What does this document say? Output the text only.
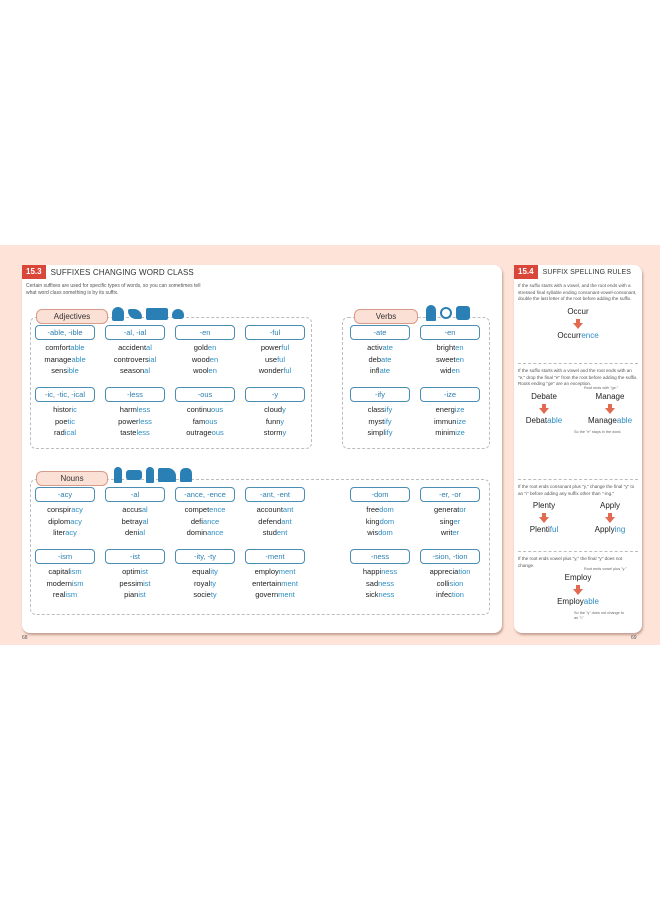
15.3	SUFFIXES CHANGING WORD CLASS
Certain suffixes are used for specific types of words, so you can sometimes tell what word class something is by its suffix.
Adjectives
-able, -ible
comfortable
manageable
sensible
-al, -ial
accidental
controversial
seasonal
-en
golden
wooden
woolen
-ful
powerful
useful
wonderful
-ic, -tic, -ical
historic
poetic
radical
-less
harmless
powerless
tasteless
-ous
continuous
famous
outrageous
-y
cloudy
funny
stormy
Verbs
-ate
activate
debate
inflate
-en
brighten
sweeten
widen
-ify
classify
mystify
simplify
-ize
energize
immunize
minimize
Nouns
-acy
conspiracy
diplomacy
literacy
-al
accusal
betrayal
denial
-ance, -ence
competence
defiance
dominance
-ant, -ent
accountant
defendant
student
-dom
freedom
kingdom
wisdom
-er, -or
generator
singer
writer
-ism
capitalism
modernism
realism
-ist
optimist
pessimist
pianist
-ity, -ty
equality
royalty
society
-ment
employment
entertainment
government
-ness
happiness
sadness
sickness
-sion, -tion
appreciation
collision
infection
68
15.4	SUFFIX SPELLING RULES
If the suffix starts with a vowel, and the root ends with a stressed final syllable ending consonant-vowel-consonant, double the last letter of the root before adding the suffix.
Occur
Occurrence
If the suffix starts with a vowel and the root ends with an "e," drop the final "e" from the root before adding the suffix. Roots ending "ge" are an exception.
Debate
Debatable
Manage
Manageable
Root ends with "ge."
So the "e" stays in the word.
If the root ends consonant plus "y," change the final "y" to an "i" before adding any suffix other than "-ing."
Plenty
Plentiful
Apply
Applying
If the root ends vowel plus "y," the final "y" does not change.
Employ
Employable
Root ends vowel plus "y."
So the "y" does not change to an "i."
69
